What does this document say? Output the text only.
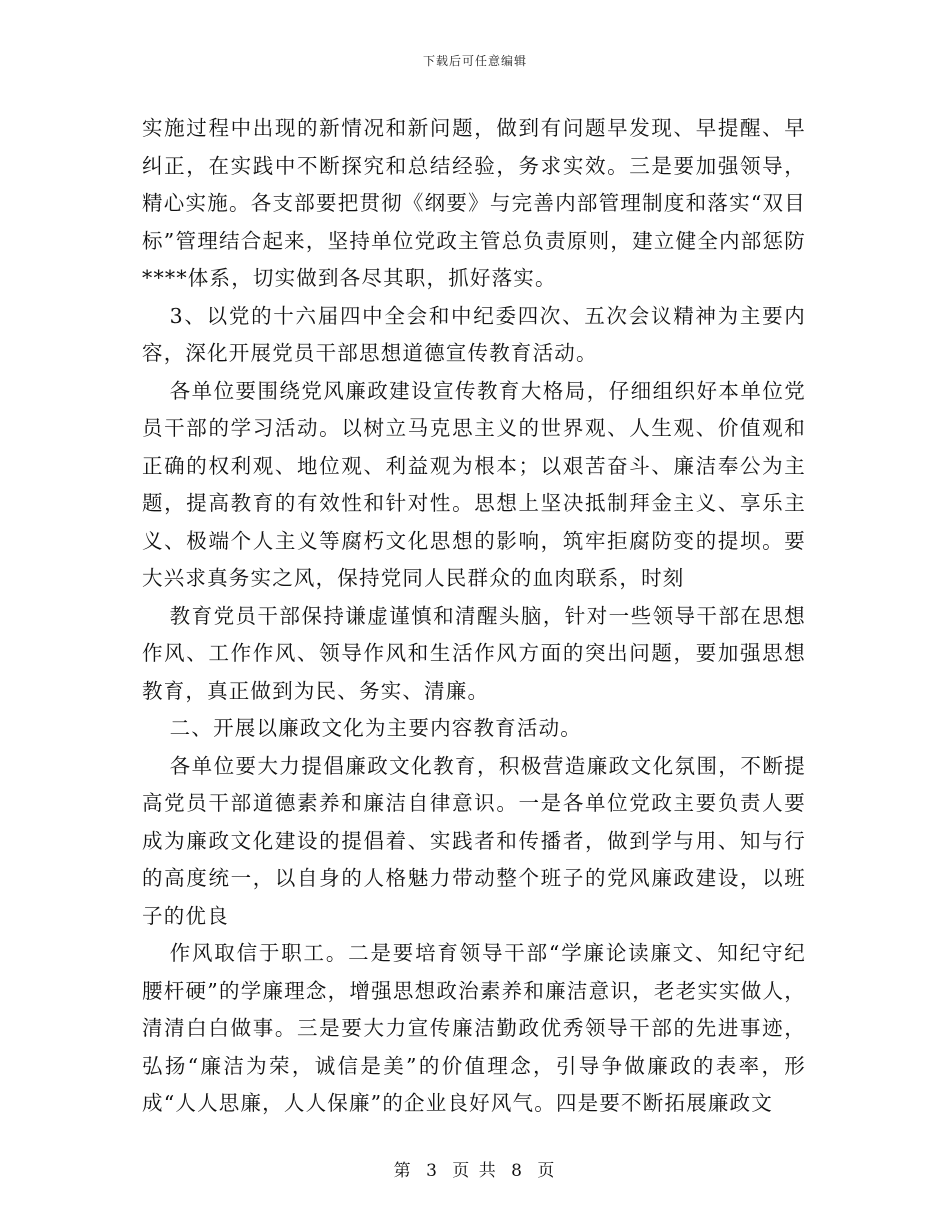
下载后可任意编辑

实施过程中出现的新情况和新问题，做到有问题早发现、早提醒、早纠正，在实践中不断探究和总结经验，务求实效。三是要加强领导，精心实施。各支部要把贯彻《纲要》与完善内部管理制度和落实“双目标”管理结合起来，坚持单位党政主管总负责原则，建立健全内部惩防****体系，切实做到各尽其职，抓好落实。

3、以党的十六届四中全会和中纪委四次、五次会议精神为主要内容，深化开展党员干部思想道德宣传教育活动。

各单位要围绕党风廉政建设宣传教育大格局，仔细组织好本单位党员干部的学习活动。以树立马克思主义的世界观、人生观、价值观和正确的权利观、地位观、利益观为根本；以艰苦奋斗、廉洁奉公为主题，提高教育的有效性和针对性。思想上坚决抵制拜金主义、享乐主义、极端个人主义等腐朽文化思想的影响，筑牢拒腐防变的提坝。要大兴求真务实之风，保持党同人民群众的血肉联系，时刻

教育党员干部保持谦虚谨慎和清醒头脑，针对一些领导干部在思想作风、工作作风、领导作风和生活作风方面的突出问题，要加强思想教育，真正做到为民、务实、清廉。

二、开展以廉政文化为主要内容教育活动。

各单位要大力提倡廉政文化教育，积极营造廉政文化氛围，不断提高党员干部道德素养和廉洁自律意识。一是各单位党政主要负责人要成为廉政文化建设的提倡着、实践者和传播者，做到学与用、知与行的高度统一，以自身的人格魅力带动整个班子的党风廉政建设，以班子的优良

作风取信于职工。二是要培育领导干部“学廉论读廉文、知纪守纪腰杆硬”的学廉理念，增强思想政治素养和廉洁意识，老老实实做人，清清白白做事。三是要大力宣传廉洁勤政优秀领导干部的先进事迹，弘扬“廉洁为荣，诚信是美”的价值理念，引导争做廉政的表率，形成“人人思廉，人人保廉”的企业良好风气。四是要不断拓展廉政文

第 3 页 共 8 页
